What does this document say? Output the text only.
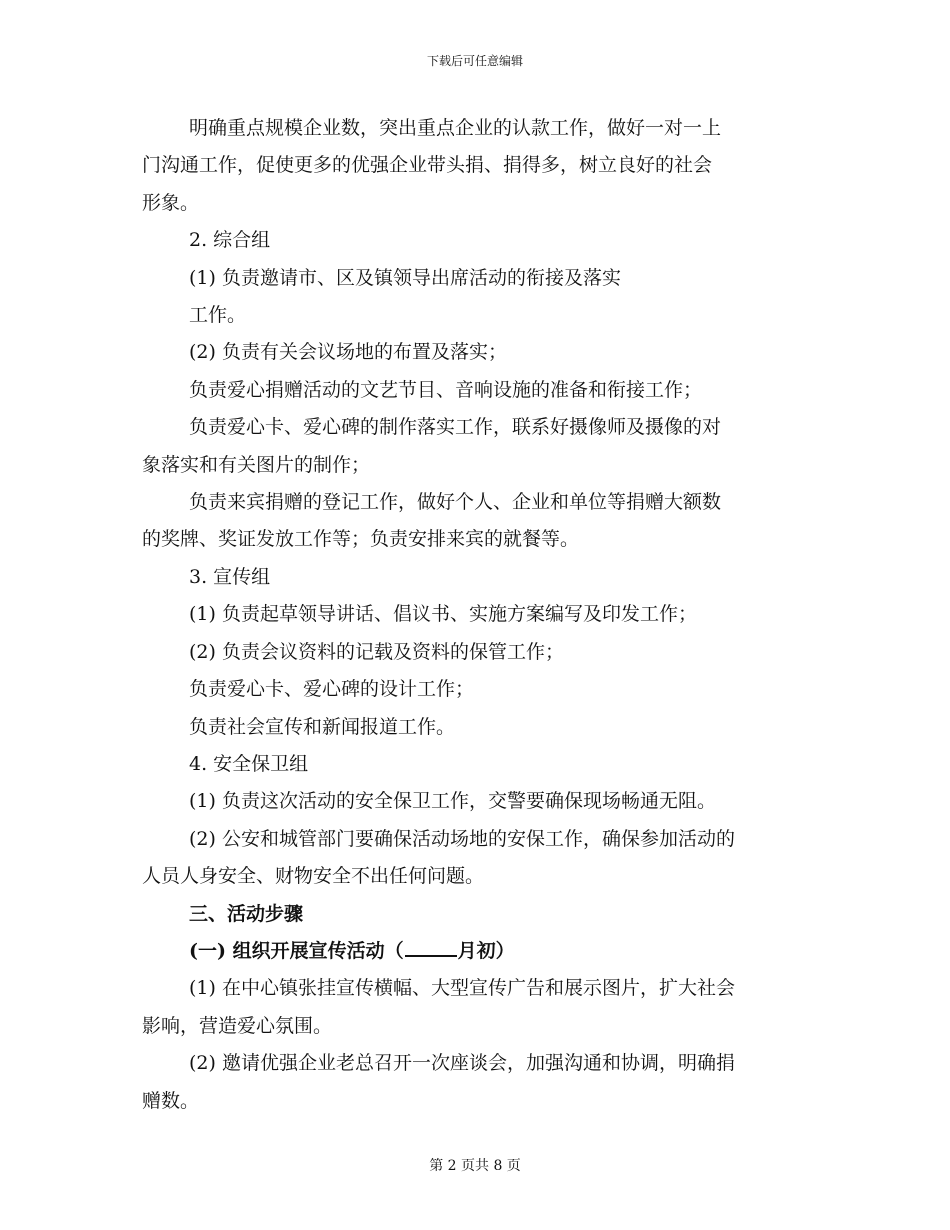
下载后可任意编辑

明确重点规模企业数，突出重点企业的认款工作，做好一对一上

门沟通工作，促使更多的优强企业带头捐、捐得多，树立良好的社会

形象。

2. 综合组

(1) 负责邀请市、区及镇领导出席活动的衔接及落实

工作。

(2) 负责有关会议场地的布置及落实；

负责爱心捐赠活动的文艺节目、音响设施的准备和衔接工作；

负责爱心卡、爱心碑的制作落实工作，联系好摄像师及摄像的对

象落实和有关图片的制作；

负责来宾捐赠的登记工作，做好个人、企业和单位等捐赠大额数

的奖牌、奖证发放工作等；负责安排来宾的就餐等。

3. 宣传组

(1) 负责起草领导讲话、倡议书、实施方案编写及印发工作；

(2) 负责会议资料的记载及资料的保管工作；

负责爱心卡、爱心碑的设计工作；

负责社会宣传和新闻报道工作。

4. 安全保卫组

(1) 负责这次活动的安全保卫工作，交警要确保现场畅通无阻。

(2) 公安和城管部门要确保活动场地的安保工作，确保参加活动的

人员人身安全、财物安全不出任何问题。

三、活动步骤

(一) 组织开展宣传活动（	月初）

(1) 在中心镇张挂宣传横幅、大型宣传广告和展示图片，扩大社会

影响，营造爱心氛围。

(2) 邀请优强企业老总召开一次座谈会，加强沟通和协调，明确捐

赠数。

第 2 页共 8 页
